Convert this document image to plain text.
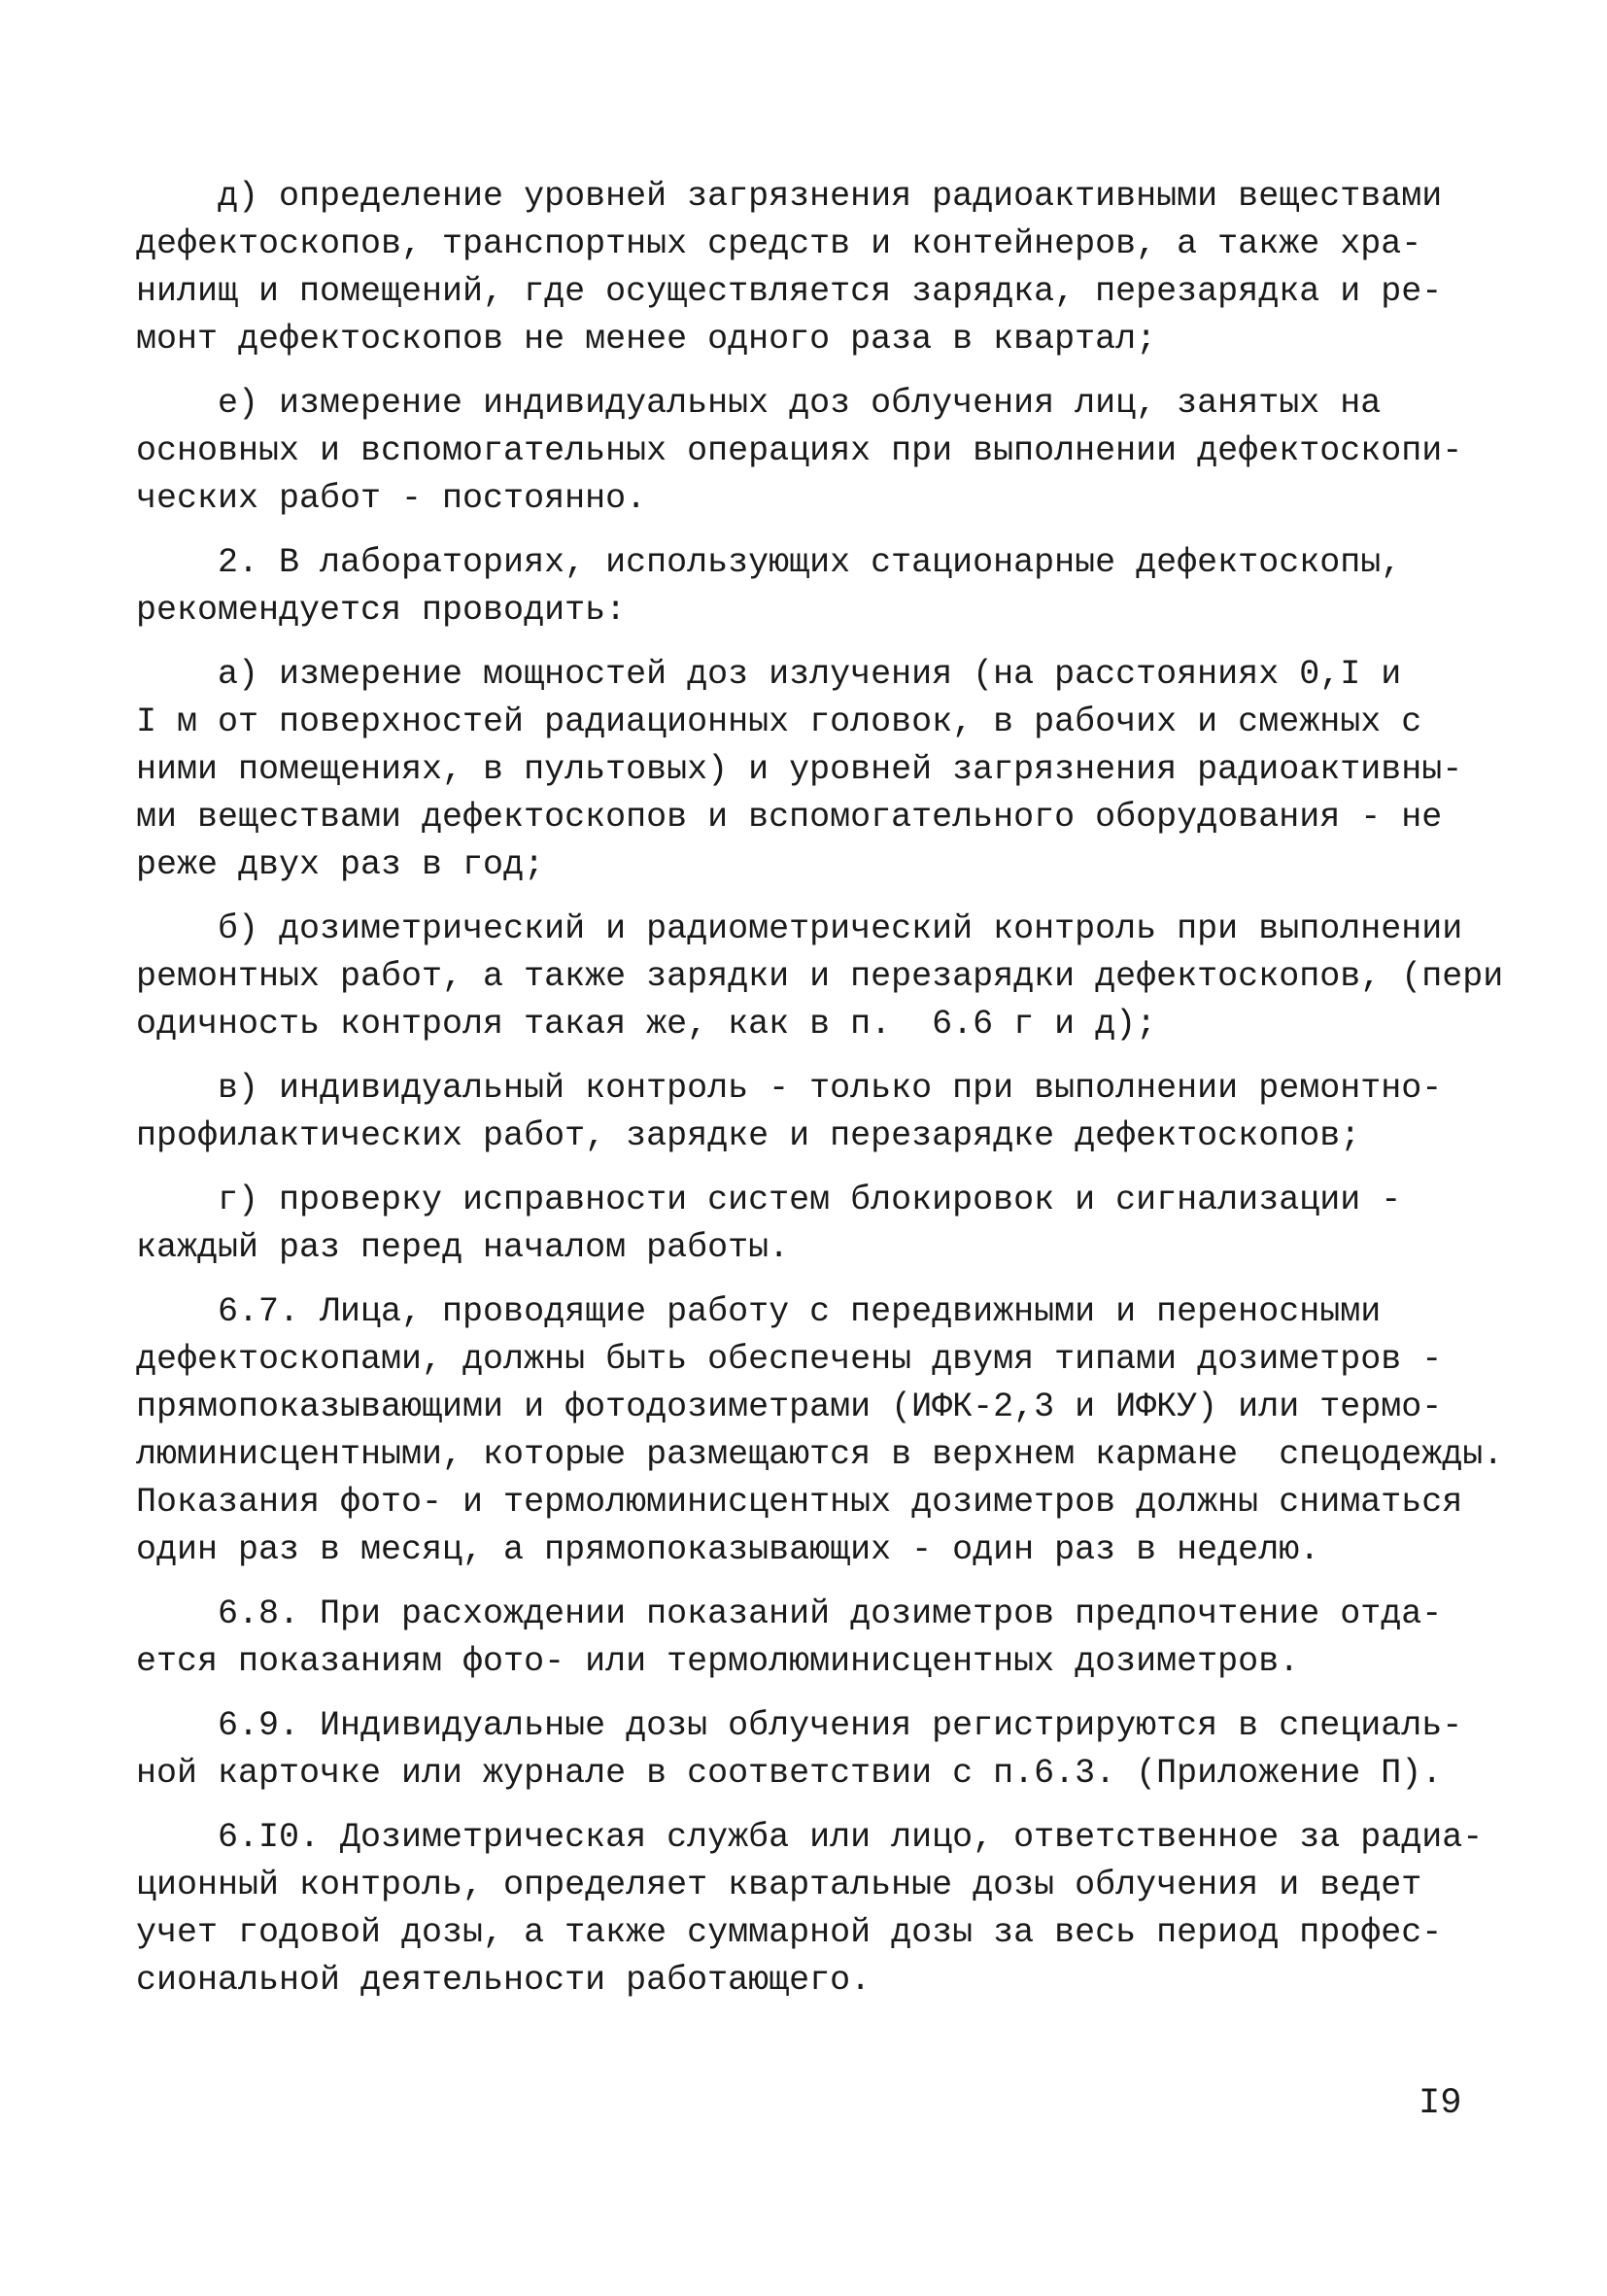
д) определение уровней загрязнения радиоактивными веществами
дефектоскопов, транспортных средств и контейнеров, а также хра-
нилищ и помещений, где осуществляется зарядка, перезарядка и ре-
монт дефектоскопов не менее одного раза в квартал;

е) измерение индивидуальных доз облучения лиц, занятых на
основных и вспомогательных операциях при выполнении дефектоскопи-
ческих работ - постоянно.

2. В лабораториях, использующих стационарные дефектоскопы,
рекомендуется проводить:

а) измерение мощностей доз излучения (на расстояниях 0,I и
I м от поверхностей радиационных головок, в рабочих и смежных с
ними помещениях, в пультовых) и уровней загрязнения радиоактивны-
ми веществами дефектоскопов и вспомогательного оборудования - не
реже двух раз в год;

б) дозиметрический и радиометрический контроль при выполнении
ремонтных работ, а также зарядки и перезарядки дефектоскопов, (пери
одичность контроля такая же, как в п.  6.6 г и д);

в) индивидуальный контроль - только при выполнении ремонтно-
профилактических работ, зарядке и перезарядке дефектоскопов;

г) проверку исправности систем блокировок и сигнализации -
каждый раз перед началом работы.

6.7. Лица, проводящие работу с передвижными и переносными
дефектоскопами, должны быть обеспечены двумя типами дозиметров -
прямопоказывающими и фотодозиметрами (ИФК-2,3 и ИФКУ) или термо-
люминисцентными, которые размещаются в верхнем кармане  спецодежды.
Показания фото- и термолюминисцентных дозиметров должны сниматься
один раз в месяц, а прямопоказывающих - один раз в неделю.

6.8. При расхождении показаний дозиметров предпочтение отда-
ется показаниям фото- или термолюминисцентных дозиметров.

6.9. Индивидуальные дозы облучения регистрируются в специаль-
ной карточке или журнале в соответствии с п.6.3. (Приложение П).

6.I0. Дозиметрическая служба или лицо, ответственное за радиа-
ционный контроль, определяет квартальные дозы облучения и ведет
учет годовой дозы, а также суммарной дозы за весь период профес-
сиональной деятельности работающего.

I9
